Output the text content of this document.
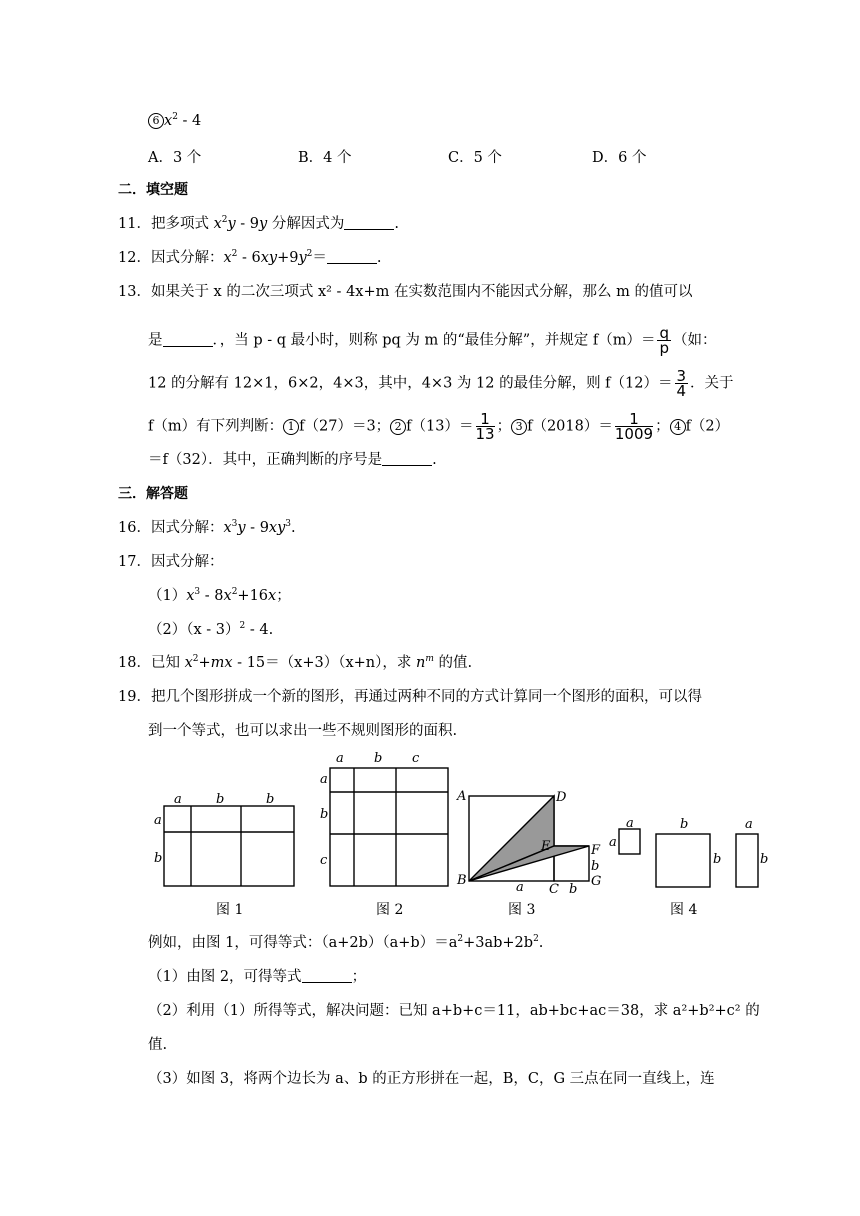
6 $x^2 - 4$
A．3 个	B．4 个	C．5 个	D．6 个
二．填空题
11．把多项式 $x^2y - 9y$ 分解因式为	.
12．因式分解：$x^2 - 6xy+9y^2=$	.
13．如果关于 x 的二次三项式 x² - 4x+m 在实数范围内不能因式分解，那么 m 的值可以
是	．，当 p - q 最小时，则称 pq 为 m 的“最佳分解”，并规定 $f(m)= \frac{q}{p}$ （如：
12 的分解有 12×1，6×2，4×3，其中，4×3 为 12 的最佳分解，则 $f(12)= \frac{3}{4}$ ．关于
f（m）有下列判断： 1 f（27）＝3； 2 $f(13)= \frac{1}{13}$ ； 3 $f(2018)= \frac{1}{1009}$ ； 4 f（2）
＝f（32）．其中，正确判断的序号是	.
三．解答题
16．因式分解：$x^3y - 9xy^3$.
17．因式分解：
$(1)x^3 - 8x^2+16x$；
（2）（x - 3）$^2$ - 4.
18．已知 $x^2+mx - 15=(x+3)(x+n)$，求 $n^m$ 的值.
19．把几个图形拼成一个新的图形，再通过两种不同的方式计算同一个图形的面积，可以得
到一个等式，也可以求出一些不规则图形的面积.
a	b	b
a
b
a b c
a
b
c
A	D
E	F
b
G
B
C
a	b
a
a
b
b
a
b
图 1	图 2	图 3	图 4
例如，由图 1，可得等式：$(a+2b)(a+b)=a^2+3ab+2b^2$.
（1）由图 2，可得等式	；
（2）利用（1）所得等式，解决问题：已知 a+b+c＝11，ab+bc+ac＝38，求 a²+b²+c² 的
值.
（3）如图 3，将两个边长为 a、b 的正方形拼在一起，B，C，G 三点在同一直线上，连
